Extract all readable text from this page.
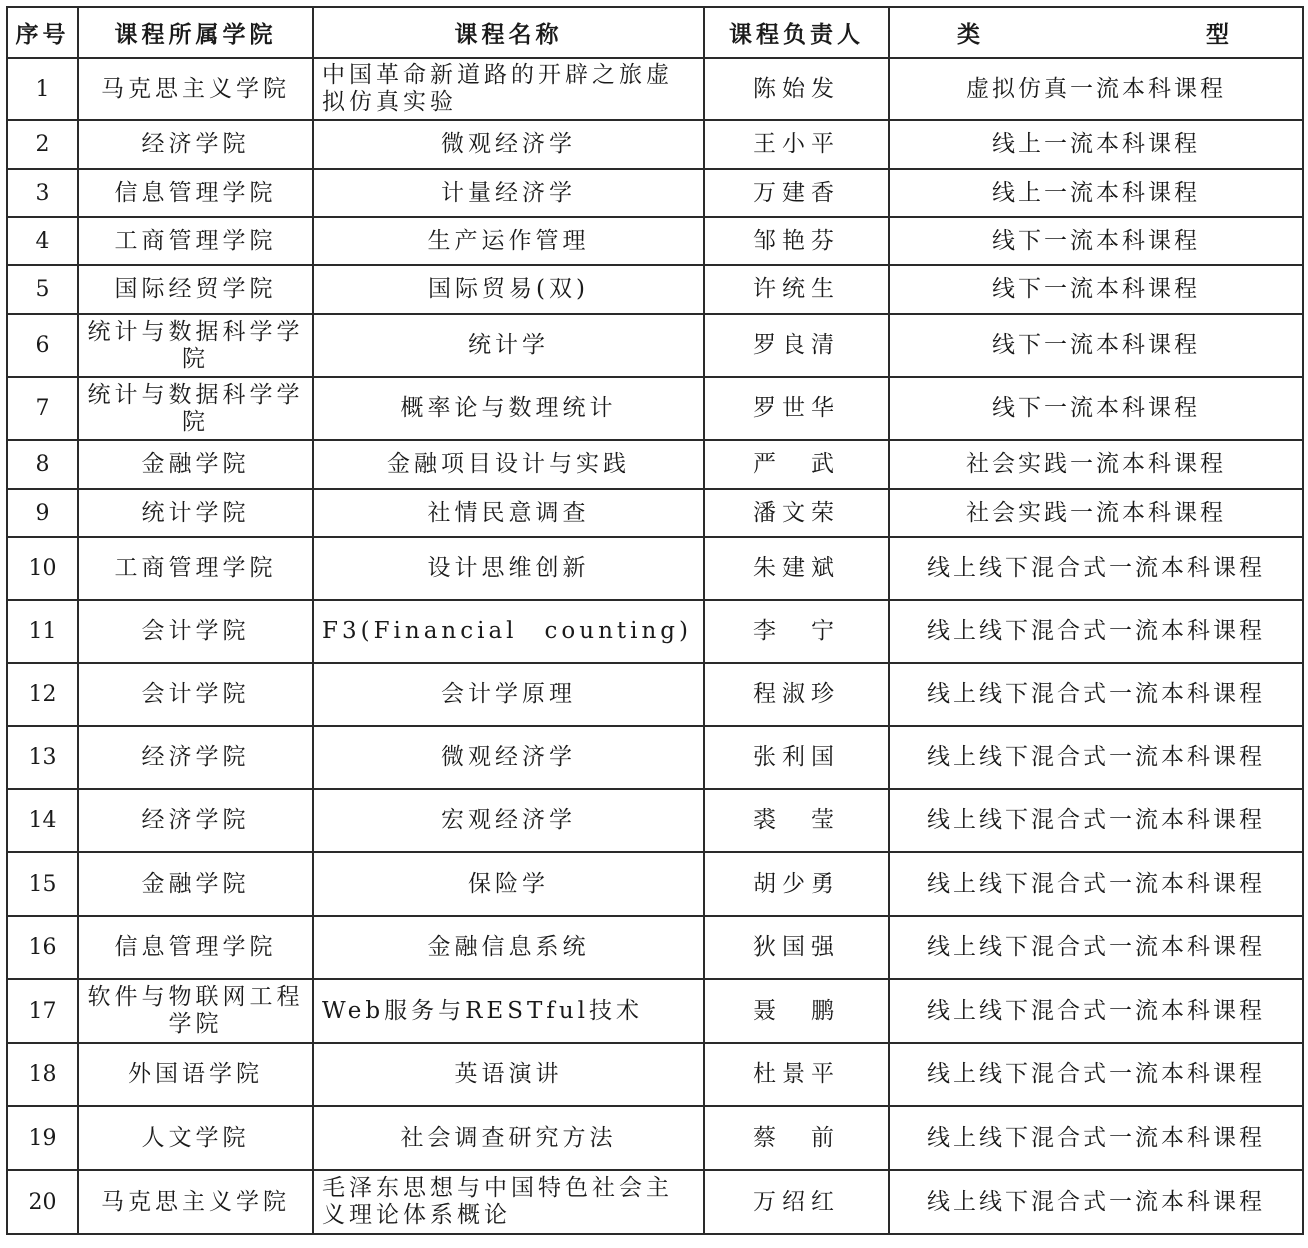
序号	课程所属学院	课程名称	课程负责人	类　　型
1	马克思主义学院	中国革命新道路的开辟之旅虚拟仿真实验	陈始发	虚拟仿真一流本科课程
2	经济学院	微观经济学	王小平	线上一流本科课程
3	信息管理学院	计量经济学	万建香	线上一流本科课程
4	工商管理学院	生产运作管理	邹艳芬	线下一流本科课程
5	国际经贸学院	国际贸易(双)	许统生	线下一流本科课程
6	统计与数据科学学院	统计学	罗良清	线下一流本科课程
7	统计与数据科学学院	概率论与数理统计	罗世华	线下一流本科课程
8	金融学院	金融项目设计与实践	严　武	社会实践一流本科课程
9	统计学院	社情民意调查	潘文荣	社会实践一流本科课程
10	工商管理学院	设计思维创新	朱建斌	线上线下混合式一流本科课程
11	会计学院	F3(Financial　counting)	李　宁	线上线下混合式一流本科课程
12	会计学院	会计学原理	程淑珍	线上线下混合式一流本科课程
13	经济学院	微观经济学	张利国	线上线下混合式一流本科课程
14	经济学院	宏观经济学	裘　莹	线上线下混合式一流本科课程
15	金融学院	保险学	胡少勇	线上线下混合式一流本科课程
16	信息管理学院	金融信息系统	狄国强	线上线下混合式一流本科课程
17	软件与物联网工程学院	Web服务与RESTful技术	聂　鹏	线上线下混合式一流本科课程
18	外国语学院	英语演讲	杜景平	线上线下混合式一流本科课程
19	人文学院	社会调查研究方法	蔡　前	线上线下混合式一流本科课程
20	马克思主义学院	毛泽东思想与中国特色社会主义理论体系概论	万绍红	线上线下混合式一流本科课程
